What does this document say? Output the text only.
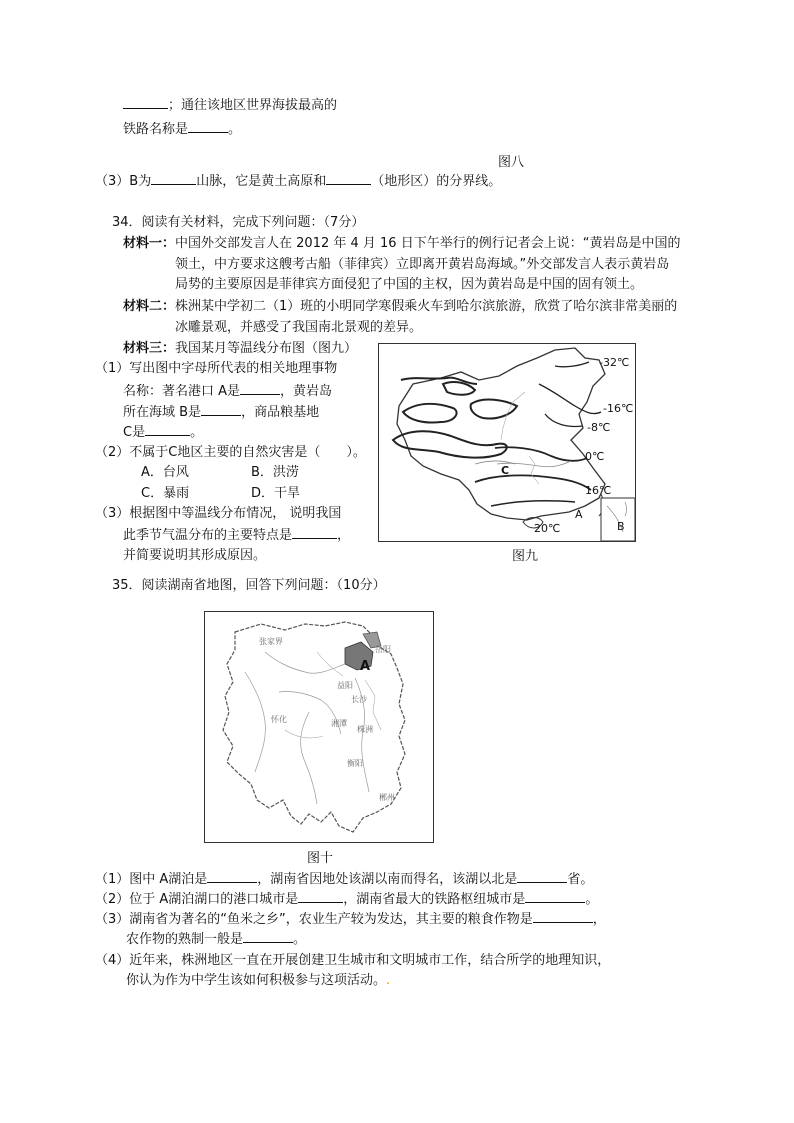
；通往该地区世界海拔最高的
铁路名称是	。
图八
（3）B为	山脉，它是黄土高原和	（地形区）的分界线。
34．阅读有关材料，完成下列问题：（7分）
材料一：中国外交部发言人在 2012 年 4 月 16 日下午举行的例行记者会上说：“黄岩岛是中国的
领土，中方要求这艘考古船（菲律宾）立即离开黄岩岛海域。”外交部发言人表示黄岩岛
局势的主要原因是菲律宾方面侵犯了中国的主权，因为黄岩岛是中国的固有领土。
材料二：株洲某中学初二（1）班的小明同学寒假乘火车到哈尔滨旅游，欣赏了哈尔滨非常美丽的
冰雕景观，并感受了我国南北景观的差异。
材料三：我国某月等温线分布图（图九）
（1）写出图中字母所代表的相关地理事物
名称：著名港口 A是	，黄岩岛
所在海域 B是	，商品粮基地
C是	。
（2）不属于C地区主要的自然灾害是（　　）。
A．台风	B．洪涝
C．暴雨	D．干旱
（3）根据图中等温线分布情况， 说明我国
此季节气温分布的主要特点是	，
并简要说明其形成原因。
-32℃
-16℃
-8℃
0℃
16℃
20℃
A
B
C
图九
35．阅读湖南省地图，回答下列问题：（10分）
A
张家界
岳阳
益阳
长沙
湘潭
株洲
怀化
衡阳
郴州
图十
（1）图中 A湖泊是	，湖南省因地处该湖以南而得名，该湖以北是	省。
（2）位于 A湖泊湖口的港口城市是	，湖南省最大的铁路枢纽城市是	。
（3）湖南省为著名的“鱼米之乡”，农业生产较为发达，其主要的粮食作物是	，
农作物的熟制一般是	。
（4）近年来，株洲地区一直在开展创建卫生城市和文明城市工作，结合所学的地理知识，
你认为作为中学生该如何积极参与这项活动。.
